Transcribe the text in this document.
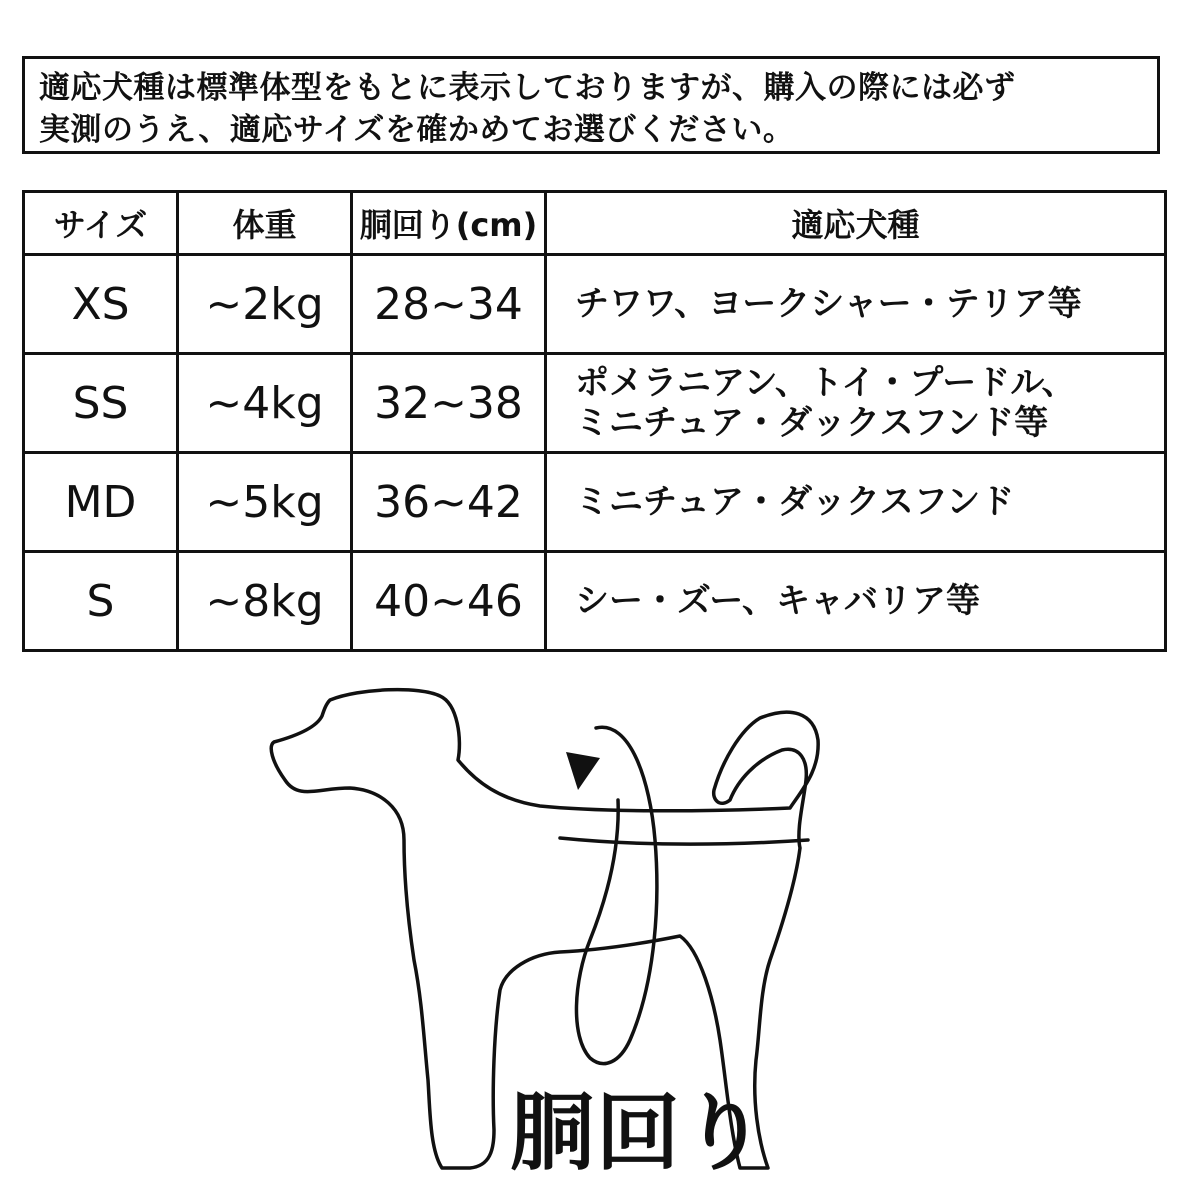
適応犬種は標準体型をもとに表示しておりますが、購入の際には必ず

実測のうえ、適応サイズを確かめてお選びください。

サイズ	体重	胴回り(cm)	適応犬種
XS	~2kg	28~34	チワワ、ヨークシャー・テリア等

SS	~4kg	32~38	ポメラニアン、トイ・プードル、
ミニチュア・ダックスフンド等

MD	~5kg	36~42	ミニチュア・ダックスフンド

S	~8kg	40~46	シー・ズー、キャバリア等
胴回り
